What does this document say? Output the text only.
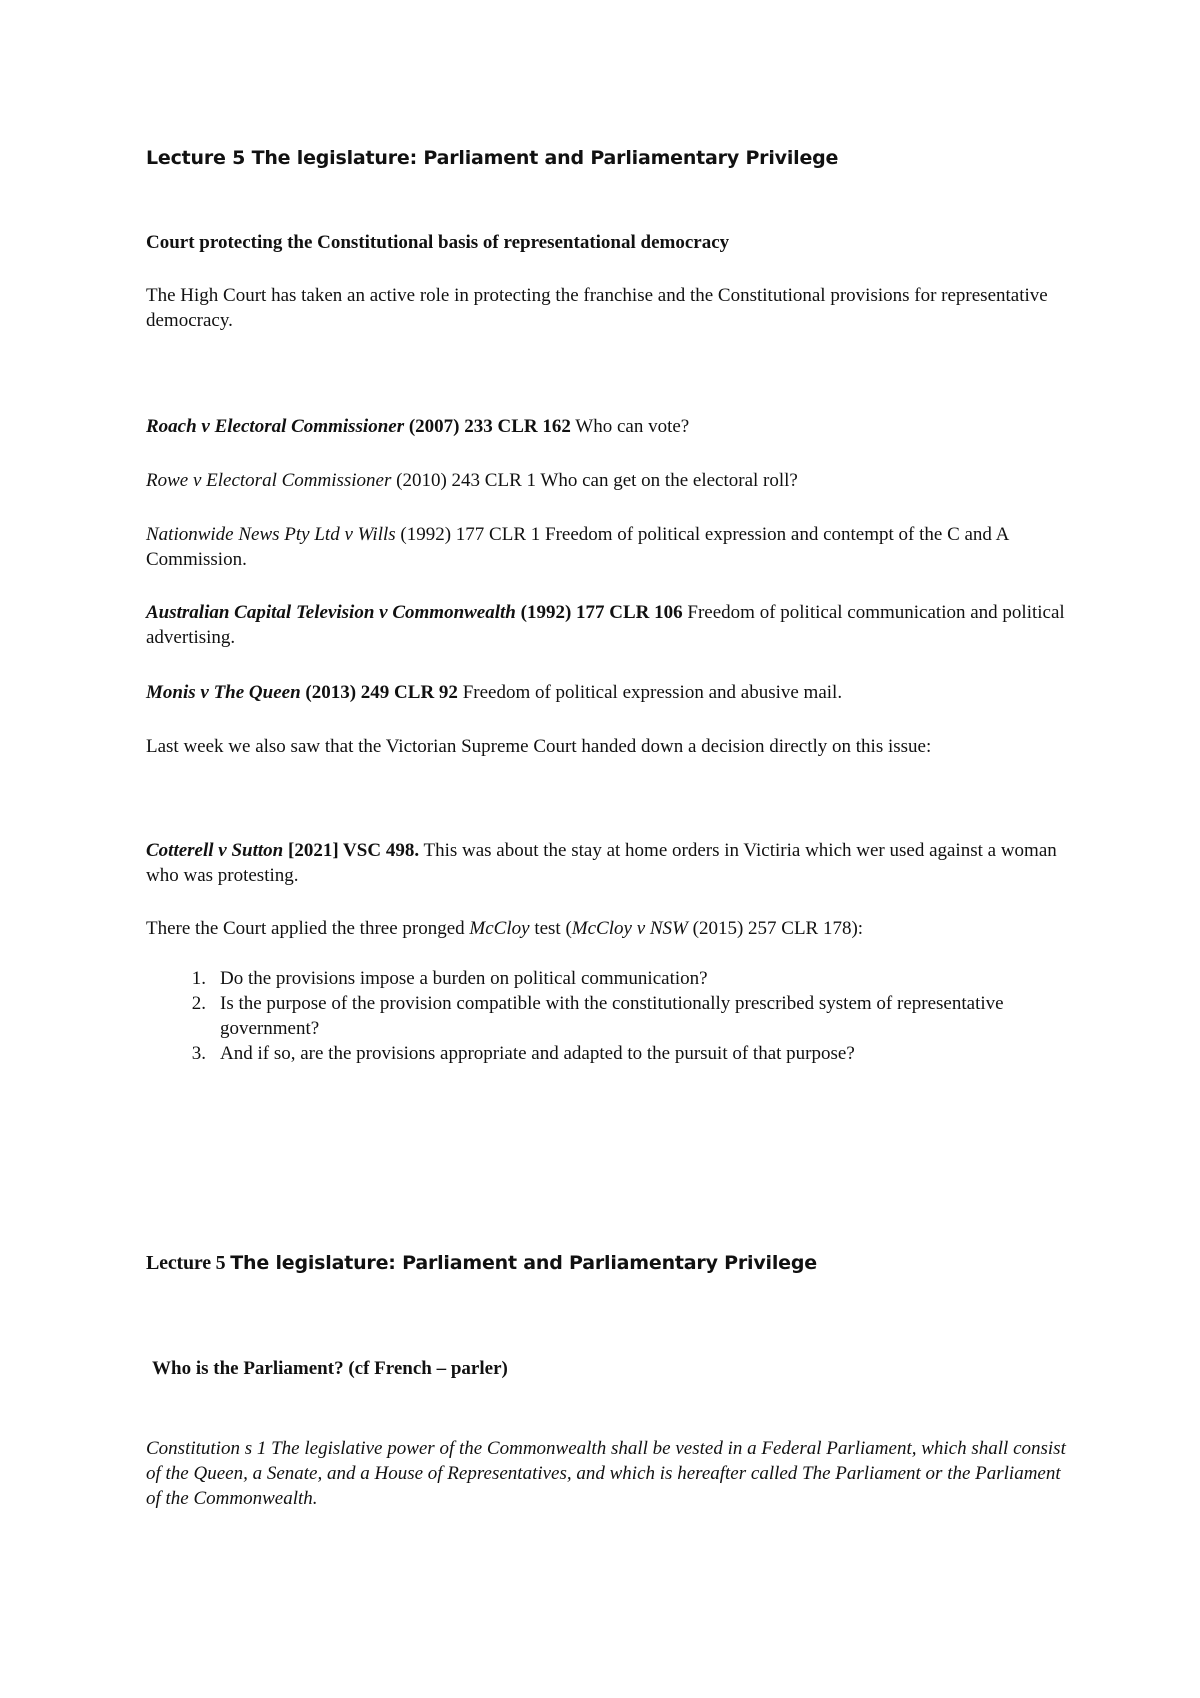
Lecture 5 The legislature: Parliament and Parliamentary Privilege
Court protecting the Constitutional basis of representational democracy
The High Court has taken an active role in protecting the franchise and the Constitutional provisions for representative democracy.
Roach v Electoral Commissioner (2007) 233 CLR 162 Who can vote?
Rowe v Electoral Commissioner (2010) 243 CLR 1 Who can get on the electoral roll?
Nationwide News Pty Ltd v Wills (1992) 177 CLR 1 Freedom of political expression and contempt of the C and A Commission.
Australian Capital Television v Commonwealth (1992) 177 CLR 106 Freedom of political communication and political advertising.
Monis v The Queen (2013) 249 CLR 92 Freedom of political expression and abusive mail.
Last week we also saw that the Victorian Supreme Court handed down a decision directly on this issue:
Cotterell v Sutton [2021] VSC 498. This was about the stay at home orders in Victiria which wer used against a woman who was protesting.
There the Court applied the three pronged McCloy test (McCloy v NSW (2015) 257 CLR 178):
1. Do the provisions impose a burden on political communication?
2. Is the purpose of the provision compatible with the constitutionally prescribed system of representative government?
3. And if so, are the provisions appropriate and adapted to the pursuit of that purpose?
Lecture 5 The legislature: Parliament and Parliamentary Privilege
Who is the Parliament? (cf French – parler)
Constitution s 1 The legislative power of the Commonwealth shall be vested in a Federal Parliament, which shall consist of the Queen, a Senate, and a House of Representatives, and which is hereafter called The Parliament or the Parliament of the Commonwealth.
